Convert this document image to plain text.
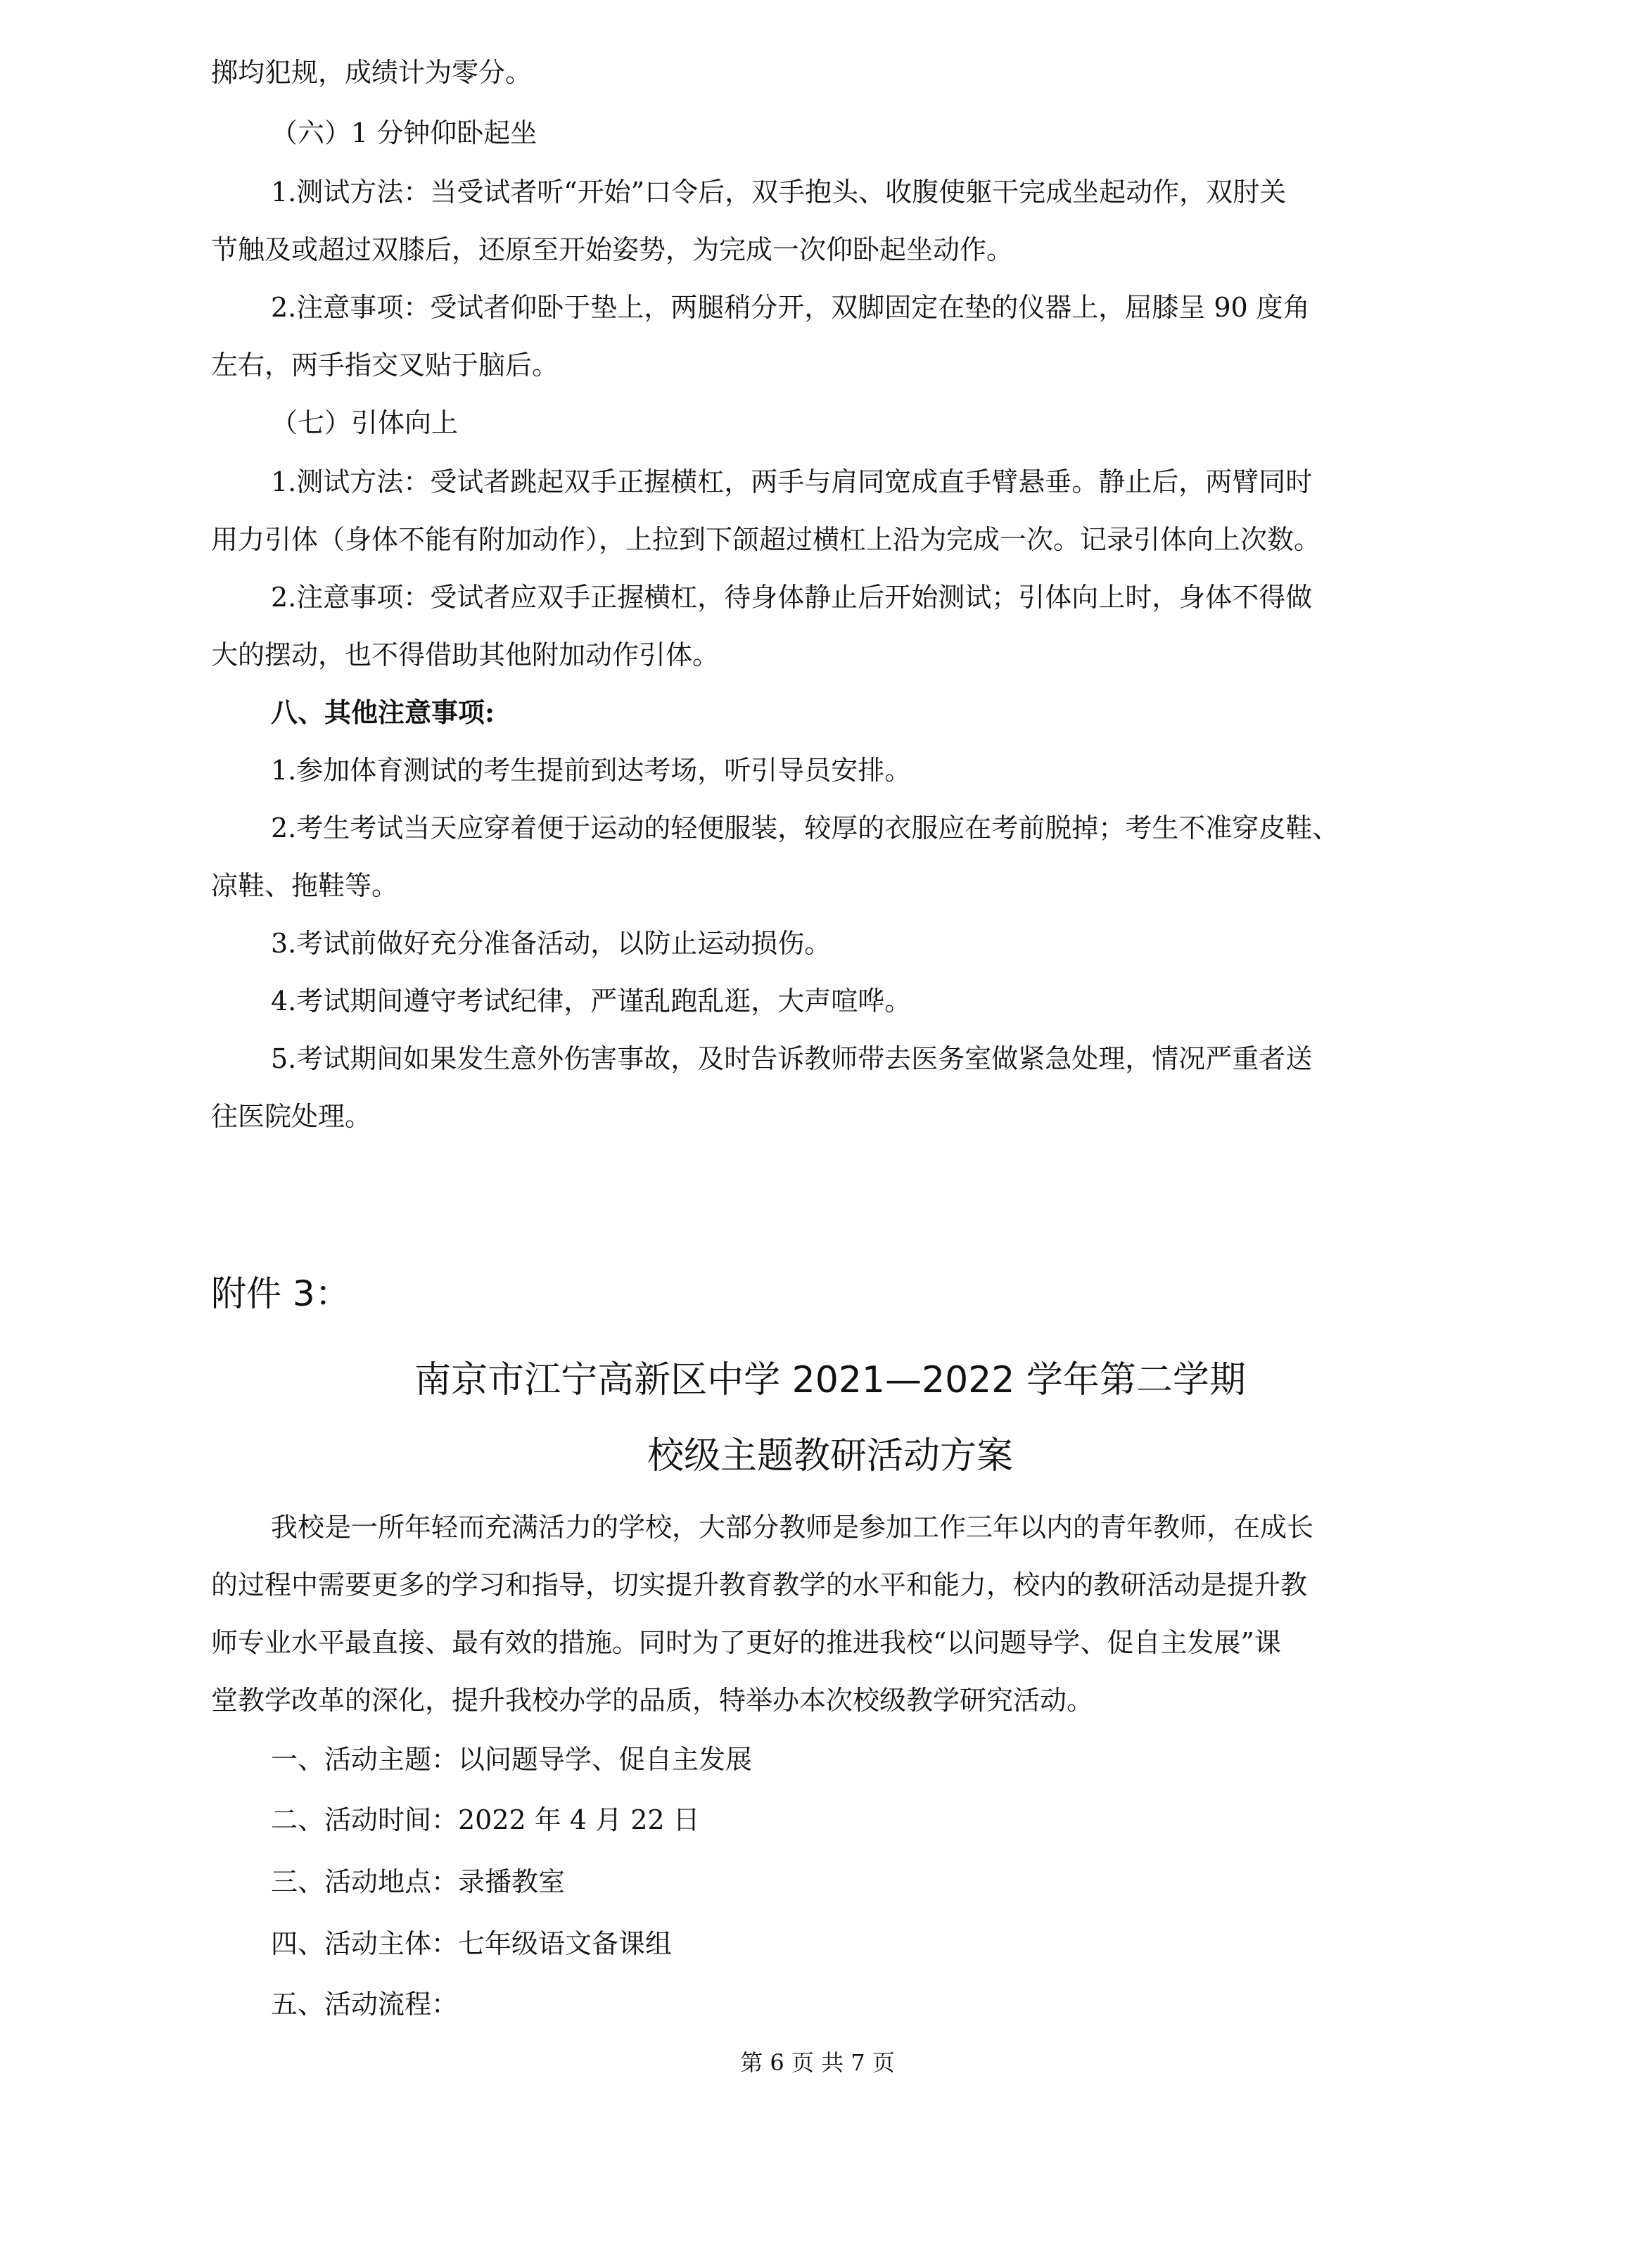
掷均犯规，成绩计为零分。
（六）1 分钟仰卧起坐
1.测试方法：当受试者听“开始”口令后，双手抱头、收腹使躯干完成坐起动作，双肘关
节触及或超过双膝后，还原至开始姿势，为完成一次仰卧起坐动作。
2.注意事项：受试者仰卧于垫上，两腿稍分开，双脚固定在垫的仪器上，屈膝呈 90 度角
左右，两手指交叉贴于脑后。
（七）引体向上
1.测试方法：受试者跳起双手正握横杠，两手与肩同宽成直手臂悬垂。静止后，两臂同时
用力引体（身体不能有附加动作），上拉到下颌超过横杠上沿为完成一次。记录引体向上次数。
2.注意事项：受试者应双手正握横杠，待身体静止后开始测试；引体向上时，身体不得做
大的摆动，也不得借助其他附加动作引体。
八、其他注意事项:
1.参加体育测试的考生提前到达考场，听引导员安排。
2.考生考试当天应穿着便于运动的轻便服装，较厚的衣服应在考前脱掉；考生不准穿皮鞋、
凉鞋、拖鞋等。
3.考试前做好充分准备活动，以防止运动损伤。
4.考试期间遵守考试纪律，严谨乱跑乱逛，大声喧哗。
5.考试期间如果发生意外伤害事故，及时告诉教师带去医务室做紧急处理，情况严重者送
往医院处理。
附件 3：
南京市江宁高新区中学 2021—2022 学年第二学期
校级主题教研活动方案
我校是一所年轻而充满活力的学校，大部分教师是参加工作三年以内的青年教师，在成长
的过程中需要更多的学习和指导，切实提升教育教学的水平和能力，校内的教研活动是提升教
师专业水平最直接、最有效的措施。同时为了更好的推进我校“以问题导学、促自主发展”课
堂教学改革的深化，提升我校办学的品质，特举办本次校级教学研究活动。
一、活动主题：以问题导学、促自主发展
二、活动时间：2022 年 4 月 22 日
三、活动地点：录播教室
四、活动主体：七年级语文备课组
五、活动流程：
第 6 页 共 7 页
